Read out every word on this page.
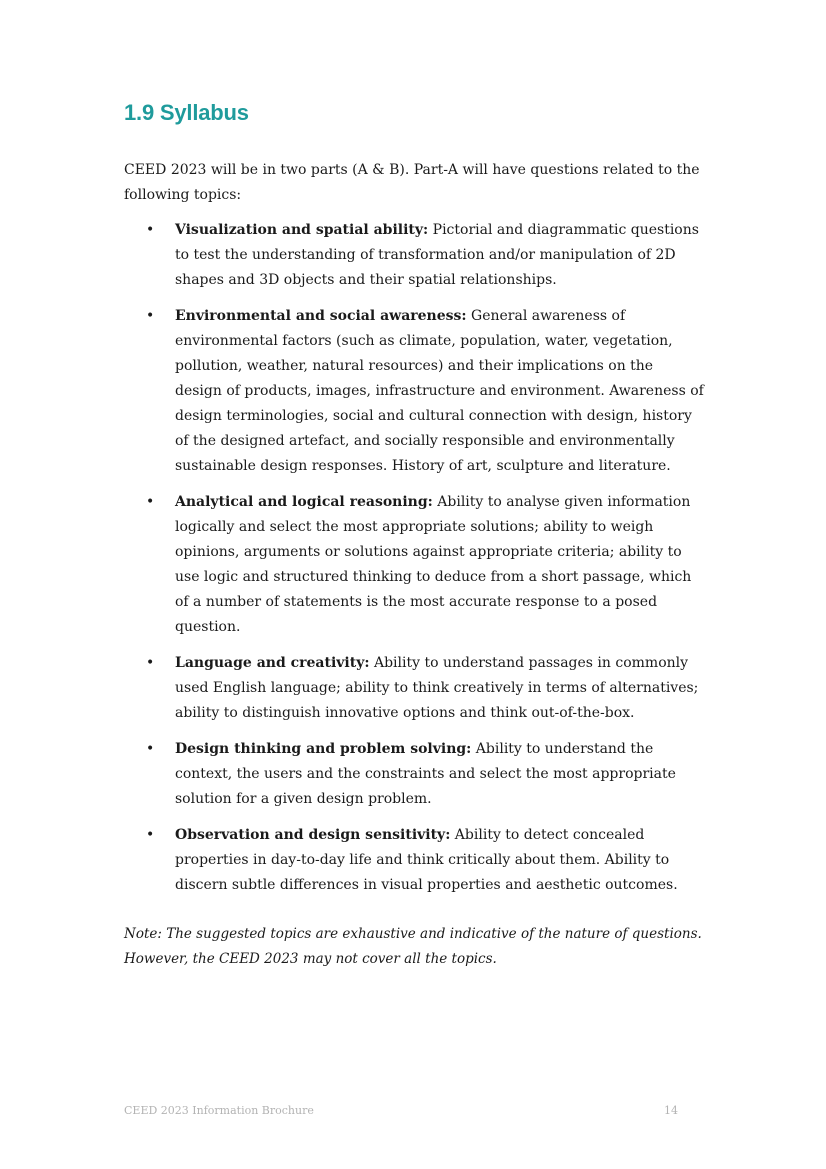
1.9 Syllabus

CEED 2023 will be in two parts (A & B). Part-A will have questions related to the following topics:

• Visualization and spatial ability: Pictorial and diagrammatic questions to test the understanding of transformation and/or manipulation of 2D shapes and 3D objects and their spatial relationships.
• Environmental and social awareness: General awareness of environmental factors (such as climate, population, water, vegetation, pollution, weather, natural resources) and their implications on the design of products, images, infrastructure and environment. Awareness of design terminologies, social and cultural connection with design, history of the designed artefact, and socially responsible and environmentally sustainable design responses. History of art, sculpture and literature.
• Analytical and logical reasoning: Ability to analyse given information logically and select the most appropriate solutions; ability to weigh opinions, arguments or solutions against appropriate criteria; ability to use logic and structured thinking to deduce from a short passage, which of a number of statements is the most accurate response to a posed question.
• Language and creativity: Ability to understand passages in commonly used English language; ability to think creatively in terms of alternatives; ability to distinguish innovative options and think out-of-the-box.
• Design thinking and problem solving: Ability to understand the context, the users and the constraints and select the most appropriate solution for a given design problem.
• Observation and design sensitivity: Ability to detect concealed properties in day-to-day life and think critically about them. Ability to discern subtle differences in visual properties and aesthetic outcomes.

Note: The suggested topics are exhaustive and indicative of the nature of questions. However, the CEED 2023 may not cover all the topics.

CEED 2023 Information Brochure	14
